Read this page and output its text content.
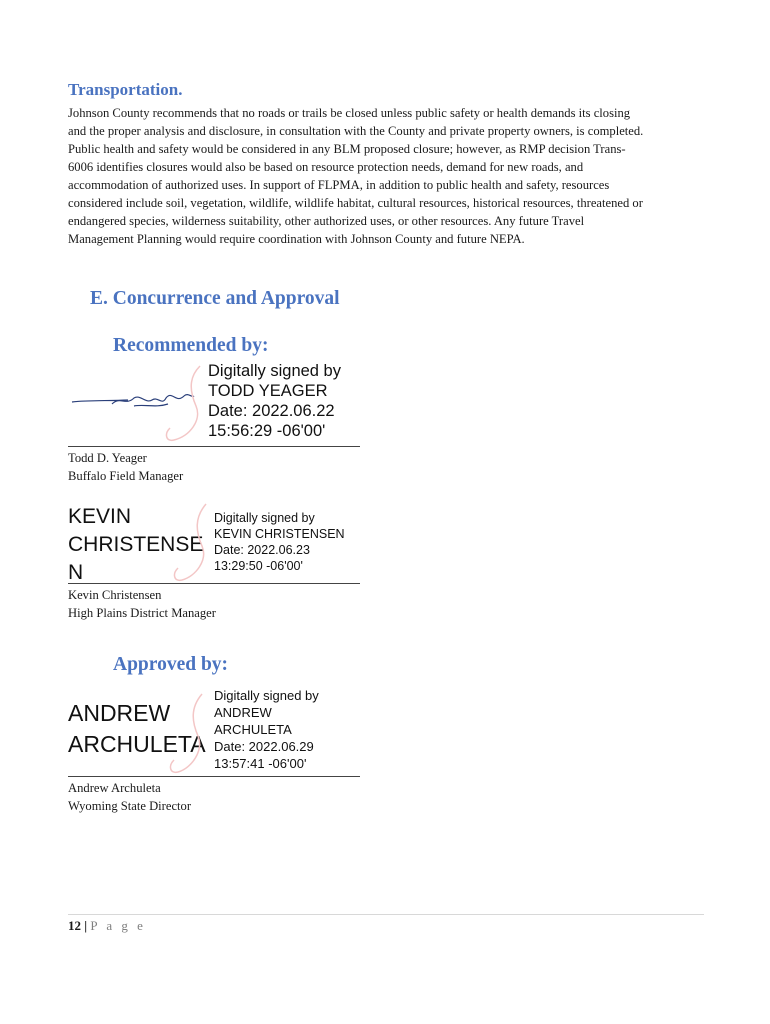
Transportation.
Johnson County recommends that no roads or trails be closed unless public safety or health demands its closing
and the proper analysis and disclosure, in consultation with the County and private property owners, is completed.
Public health and safety would be considered in any BLM proposed closure; however, as RMP decision Trans-
6006 identifies closures would also be based on resource protection needs, demand for new roads, and
accommodation of authorized uses. In support of FLPMA, in addition to public health and safety, resources
considered include soil, vegetation, wildlife, wildlife habitat, cultural resources, historical resources, threatened or
endangered species, wilderness suitability, other authorized uses, or other resources. Any future Travel
Management Planning would require coordination with Johnson County and future NEPA.
E. Concurrence and Approval
Recommended by:
Digitally signed by
TODD YEAGER
Date: 2022.06.22
15:56:29 -06'00'
Todd D. Yeager
Buffalo Field Manager
KEVIN
CHRISTENSE
N
Digitally signed by
KEVIN CHRISTENSEN
Date: 2022.06.23
13:29:50 -06'00'
Kevin Christensen
High Plains District Manager
Approved by:
ANDREW
ARCHULETA
Digitally signed by
ANDREW
ARCHULETA
Date: 2022.06.29
13:57:41 -06'00'
Andrew Archuleta
Wyoming State Director
12 | P a g e
